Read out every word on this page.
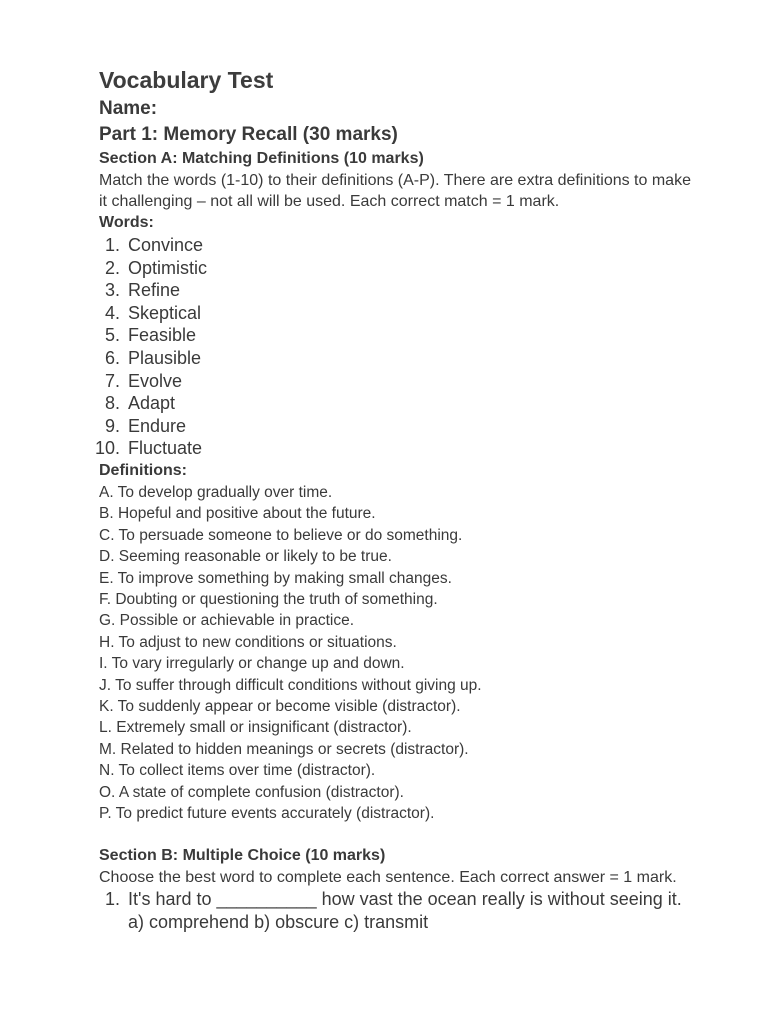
Vocabulary Test
Name:
Part 1: Memory Recall (30 marks)
Section A: Matching Definitions (10 marks)

Match the words (1-10) to their definitions (A-P). There are extra definitions to make it challenging – not all will be used. Each correct match = 1 mark.

Words:
1. Convince
2. Optimistic
3. Refine
4. Skeptical
5. Feasible
6. Plausible
7. Evolve
8. Adapt
9. Endure
10. Fluctuate
Definitions:
A. To develop gradually over time.
B. Hopeful and positive about the future.
C. To persuade someone to believe or do something.
D. Seeming reasonable or likely to be true.
E. To improve something by making small changes.
F. Doubting or questioning the truth of something.
G. Possible or achievable in practice.
H. To adjust to new conditions or situations.
I. To vary irregularly or change up and down.
J. To suffer through difficult conditions without giving up.
K. To suddenly appear or become visible (distractor).
L. Extremely small or insignificant (distractor).
M. Related to hidden meanings or secrets (distractor).
N. To collect items over time (distractor).
O. A state of complete confusion (distractor).
P. To predict future events accurately (distractor).
Section B: Multiple Choice (10 marks)

Choose the best word to complete each sentence. Each correct answer = 1 mark.

1. It's hard to __________ how vast the ocean really is without seeing it. a) comprehend b) obscure c) transmit
